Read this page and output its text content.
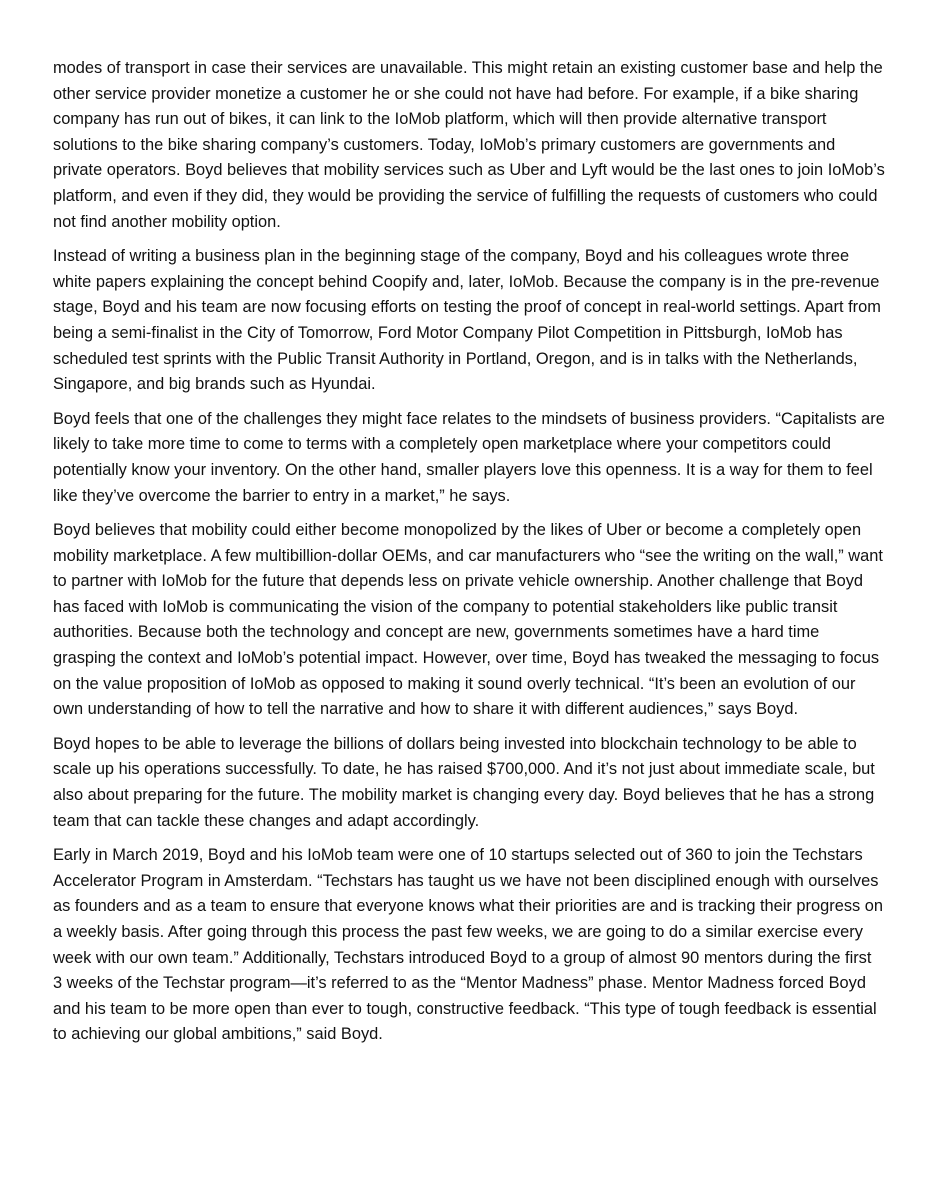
modes of transport in case their services are unavailable. This might retain an existing customer base and help the other service provider monetize a customer he or she could not have had before. For example, if a bike sharing company has run out of bikes, it can link to the IoMob platform, which will then provide alternative transport solutions to the bike sharing company’s customers. Today, IoMob’s primary customers are governments and private operators. Boyd believes that mobility services such as Uber and Lyft would be the last ones to join IoMob’s platform, and even if they did, they would be providing the service of fulfilling the requests of customers who could not find another mobility option.

Instead of writing a business plan in the beginning stage of the company, Boyd and his colleagues wrote three white papers explaining the concept behind Coopify and, later, IoMob. Because the company is in the pre-revenue stage, Boyd and his team are now focusing efforts on testing the proof of concept in real-world settings. Apart from being a semi-finalist in the City of Tomorrow, Ford Motor Company Pilot Competition in Pittsburgh, IoMob has scheduled test sprints with the Public Transit Authority in Portland, Oregon, and is in talks with the Netherlands, Singapore, and big brands such as Hyundai.

Boyd feels that one of the challenges they might face relates to the mindsets of business providers. “Capitalists are likely to take more time to come to terms with a completely open marketplace where your competitors could potentially know your inventory. On the other hand, smaller players love this openness. It is a way for them to feel like they’ve overcome the barrier to entry in a market,” he says.

Boyd believes that mobility could either become monopolized by the likes of Uber or become a completely open mobility marketplace. A few multibillion-dollar OEMs, and car manufacturers who “see the writing on the wall,” want to partner with IoMob for the future that depends less on private vehicle ownership. Another challenge that Boyd has faced with IoMob is communicating the vision of the company to potential stakeholders like public transit authorities. Because both the technology and concept are new, governments sometimes have a hard time grasping the context and IoMob’s potential impact. However, over time, Boyd has tweaked the messaging to focus on the value proposition of IoMob as opposed to making it sound overly technical. “It’s been an evolution of our own understanding of how to tell the narrative and how to share it with different audiences,” says Boyd.

Boyd hopes to be able to leverage the billions of dollars being invested into blockchain technology to be able to scale up his operations successfully. To date, he has raised $700,000. And it’s not just about immediate scale, but also about preparing for the future. The mobility market is changing every day. Boyd believes that he has a strong team that can tackle these changes and adapt accordingly.

Early in March 2019, Boyd and his IoMob team were one of 10 startups selected out of 360 to join the Techstars Accelerator Program in Amsterdam. “Techstars has taught us we have not been disciplined enough with ourselves as founders and as a team to ensure that everyone knows what their priorities are and is tracking their progress on a weekly basis. After going through this process the past few weeks, we are going to do a similar exercise every week with our own team.” Additionally, Techstars introduced Boyd to a group of almost 90 mentors during the first 3 weeks of the Techstar program—it’s referred to as the “Mentor Madness” phase. Mentor Madness forced Boyd and his team to be more open than ever to tough, constructive feedback. “This type of tough feedback is essential to achieving our global ambitions,” said Boyd.
